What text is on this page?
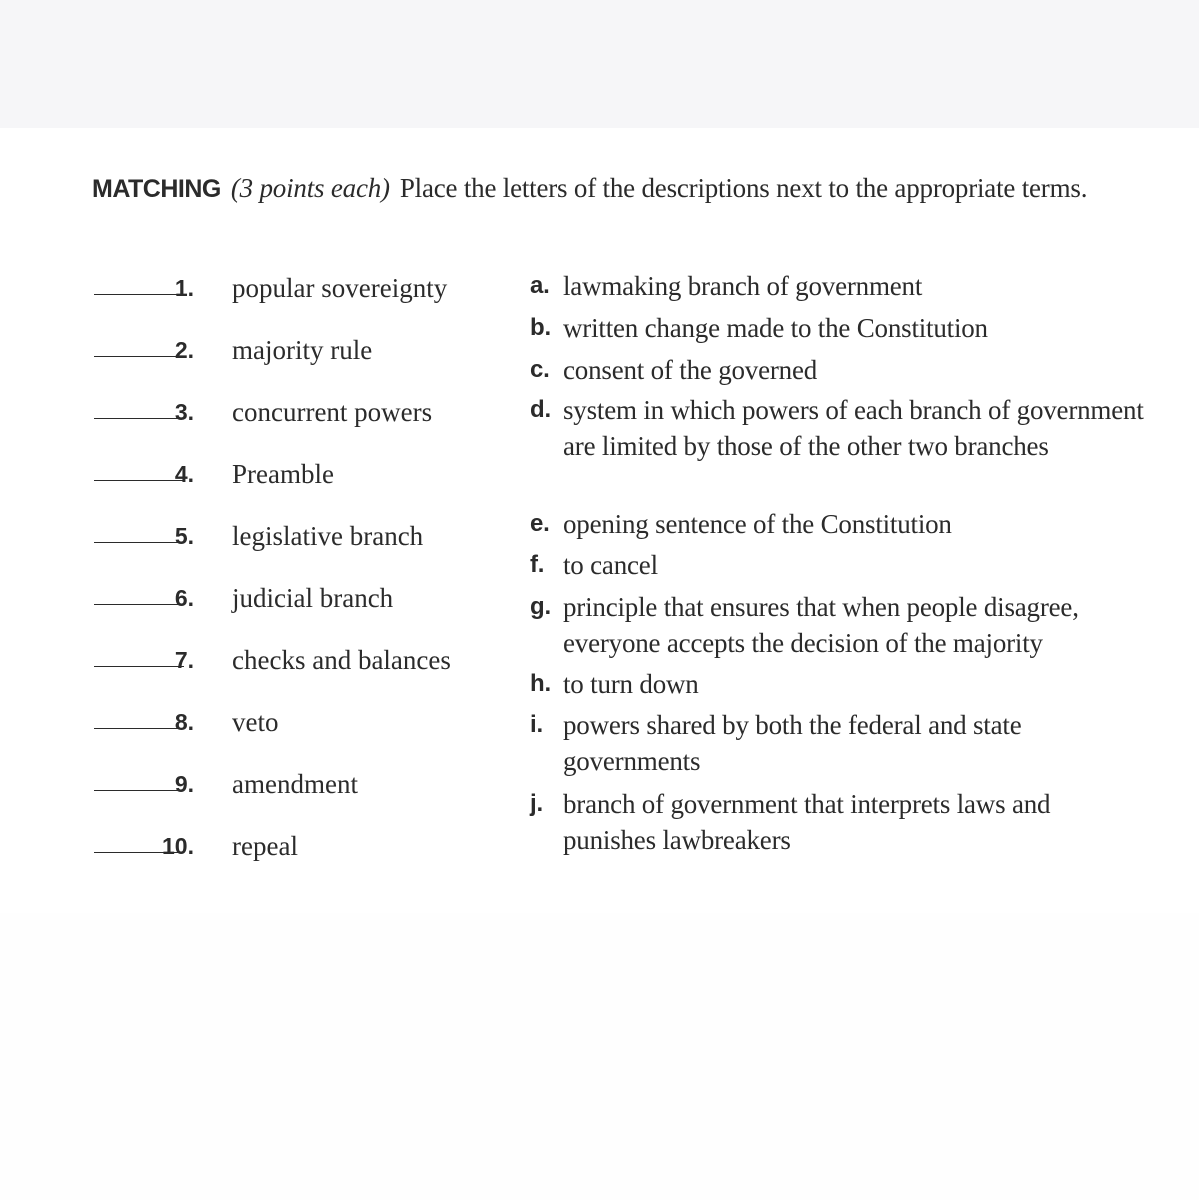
MATCHING (3 points each) Place the letters of the descriptions next to the appropriate terms.

1. popular sovereignty
2. majority rule
3. concurrent powers
4. Preamble
5. legislative branch
6. judicial branch
7. checks and balances
8. veto
9. amendment
10. repeal
a. lawmaking branch of government
b. written change made to the Constitution
c. consent of the governed
d. system in which powers of each branch of government are limited by those of the other two branches
e. opening sentence of the Constitution
f. to cancel
g. principle that ensures that when people disagree, everyone accepts the decision of the majority
h. to turn down
i. powers shared by both the federal and state governments
j. branch of government that interprets laws and punishes lawbreakers
